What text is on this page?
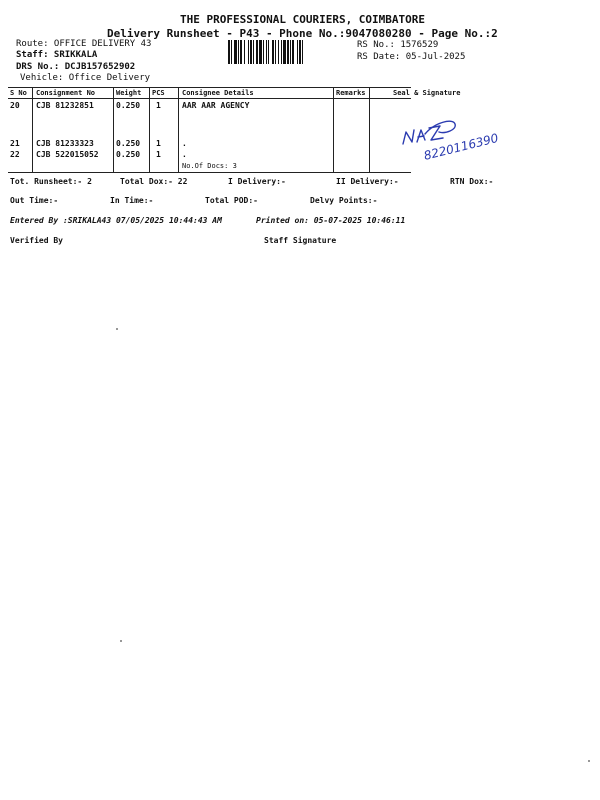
THE PROFESSIONAL COURIERS, COIMBATORE
Delivery Runsheet - P43 - Phone No.:9047080280 - Page No.:2
Route: OFFICE DELIVERY 43
Staff: SRIKKALA
DRS No.: DCJB157652902
Vehicle: Office Delivery
RS No.: 1576529
RS Date: 05-Jul-2025
S No Consignment No	Weight PCS Consignee Details	Remarks	Seal & Signature
20 CJB 81232851	0.250 1	AAR AAR AGENCY
21 CJB 81233323	0.250 1	.
22 CJB 522015052 0.250 1	.
No.Of Docs: 3
8220116390
NAZ
Tot. Runsheet:- 2	Total Dox:- 22	I Delivery:-	II Delivery:-	RTN Dox:-
Out Time:-	In Time:-	Total POD:-	Delvy Points:-
Entered By :SRIKALA43 07/05/2025 10:44:43 AM	Printed on: 05-07-2025 10:46:11
Verified By	Staff Signature
